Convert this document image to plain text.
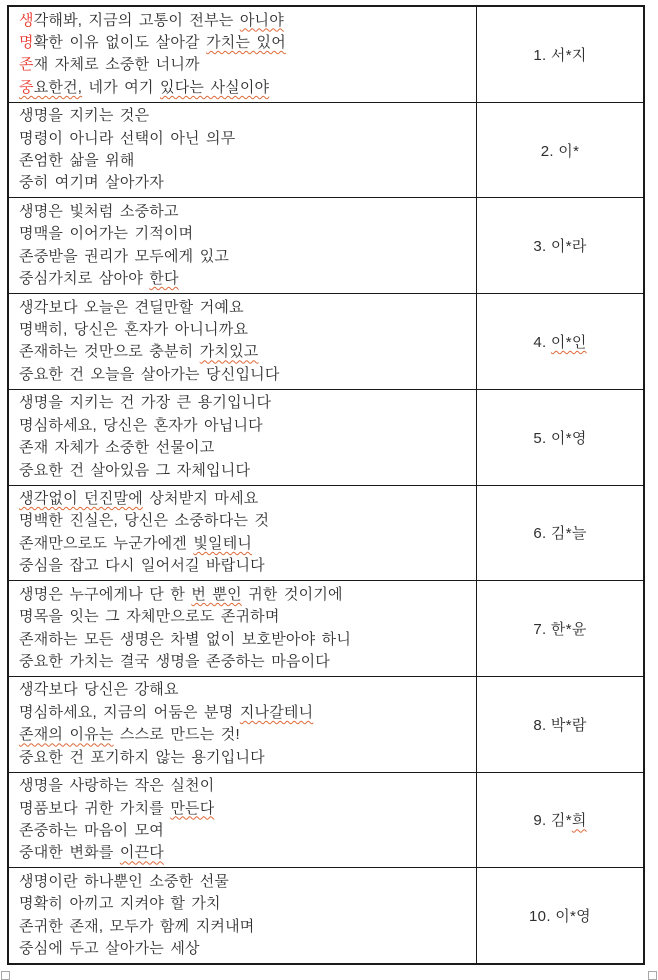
생각해봐, 지금의 고통이 전부는 아니야
명확한 이유 없이도 살아갈 가치는 있어
존재 자체로 소중한 너니까
중요한건, 네가 여기 있다는 사실이야
1. 서*지
생명을 지키는 것은
명령이 아니라 선택이 아닌 의무
존엄한 삶을 위해
중히 여기며 살아가자
2. 이*
생명은 빛처럼 소중하고
명맥을 이어가는 기적이며
존중받을 권리가 모두에게 있고
중심가치로 삼아야 한다
3. 이*라
생각보다 오늘은 견딜만할 거예요
명백히, 당신은 혼자가 아니니까요
존재하는 것만으로 충분히 가치있고
중요한 건 오늘을 살아가는 당신입니다
4. 이*인
생명을 지키는 건 가장 큰 용기입니다
명심하세요, 당신은 혼자가 아닙니다
존재 자체가 소중한 선물이고
중요한 건 살아있음 그 자체입니다
5. 이*영
생각없이 던진말에 상처받지 마세요
명백한 진실은, 당신은 소중하다는 것
존재만으로도 누군가에겐 빛일테니
중심을 잡고 다시 일어서길 바랍니다
6. 김*늘
생명은 누구에게나 단 한 번 뿐인 귀한 것이기에
명목을 잇는 그 자체만으로도 존귀하며
존재하는 모든 생명은 차별 없이 보호받아야 하니
중요한 가치는 결국 생명을 존중하는 마음이다
7. 한*윤
생각보다 당신은 강해요
명심하세요, 지금의 어둠은 분명 지나갈테니
존재의 이유는 스스로 만드는 것!
중요한 건 포기하지 않는 용기입니다
8. 박*람
생명을 사랑하는 작은 실천이
명품보다 귀한 가치를 만든다
존중하는 마음이 모여
중대한 변화를 이끈다
9. 김*희
생명이란 하나뿐인 소중한 선물
명확히 아끼고 지켜야 할 가치
존귀한 존재, 모두가 함께 지켜내며
중심에 두고 살아가는 세상
10. 이*영
